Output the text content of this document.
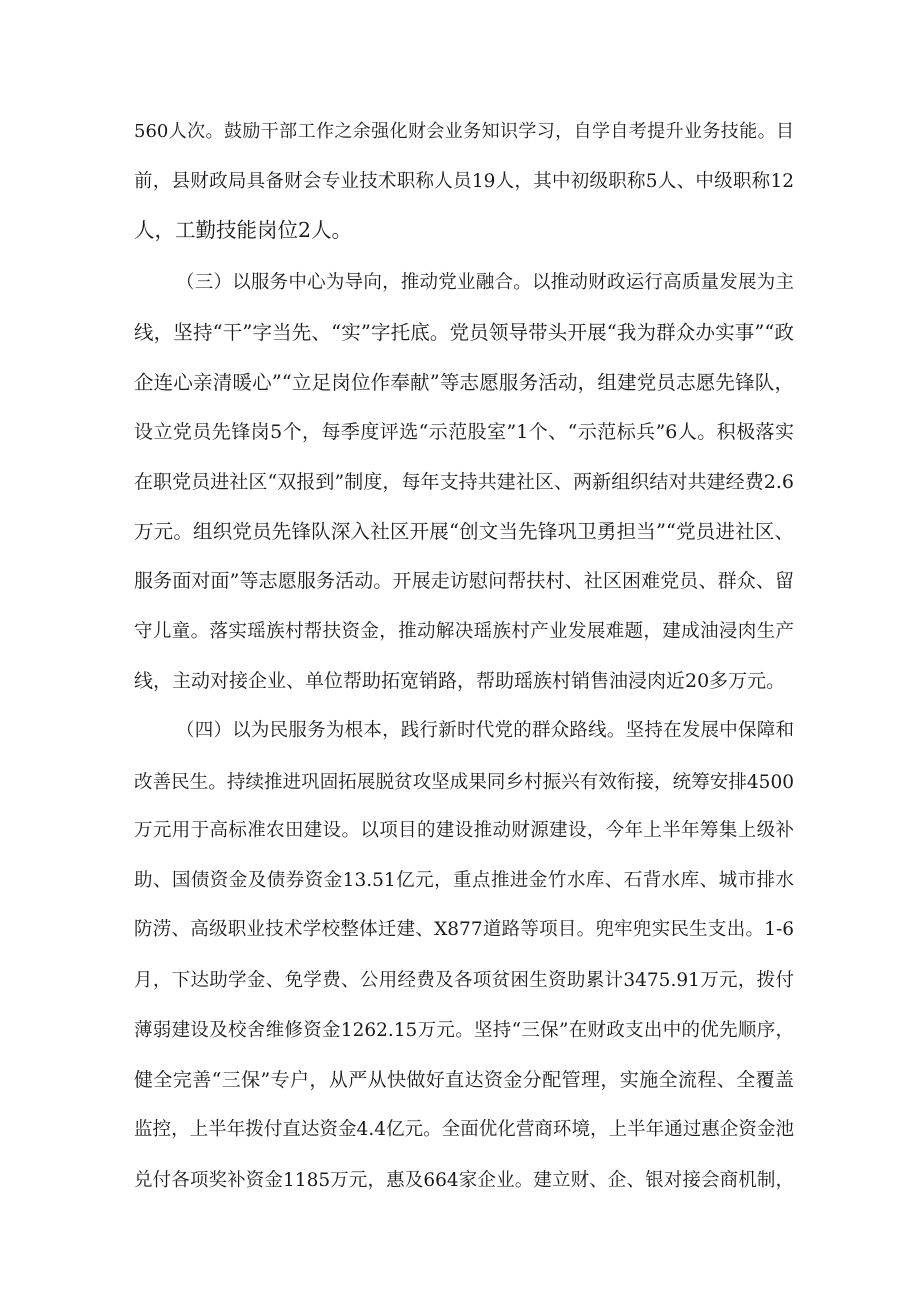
560人次。鼓励干部工作之余强化财会业务知识学习，自学自考提升业务技能。目
前，县财政局具备财会专业技术职称人员19人，其中初级职称5人、中级职称12
人，工勤技能岗位2人。
（三）以服务中心为导向，推动党业融合。以推动财政运行高质量发展为主
线，坚持“干”字当先、“实”字托底。党员领导带头开展“我为群众办实事”“政
企连心亲清暖心”“立足岗位作奉献”等志愿服务活动，组建党员志愿先锋队，
设立党员先锋岗5个，每季度评选“示范股室”1个、“示范标兵”6人。积极落实
在职党员进社区“双报到”制度，每年支持共建社区、两新组织结对共建经费2.6
万元。组织党员先锋队深入社区开展“创文当先锋巩卫勇担当”“党员进社区、
服务面对面”等志愿服务活动。开展走访慰问帮扶村、社区困难党员、群众、留
守儿童。落实瑶族村帮扶资金，推动解决瑶族村产业发展难题，建成油浸肉生产
线，主动对接企业、单位帮助拓宽销路，帮助瑶族村销售油浸肉近20多万元。
（四）以为民服务为根本，践行新时代党的群众路线。坚持在发展中保障和
改善民生。持续推进巩固拓展脱贫攻坚成果同乡村振兴有效衔接，统筹安排4500
万元用于高标准农田建设。以项目的建设推动财源建设，今年上半年筹集上级补
助、国债资金及债券资金13.51亿元，重点推进金竹水库、石背水库、城市排水
防涝、高级职业技术学校整体迁建、X877道路等项目。兜牢兜实民生支出。1-6
月，下达助学金、免学费、公用经费及各项贫困生资助累计3475.91万元，拨付
薄弱建设及校舍维修资金1262.15万元。坚持“三保”在财政支出中的优先顺序，
健全完善“三保”专户，从严从快做好直达资金分配管理，实施全流程、全覆盖
监控，上半年拨付直达资金4.4亿元。全面优化营商环境，上半年通过惠企资金池
兑付各项奖补资金1185万元，惠及664家企业。建立财、企、银对接会商机制，
